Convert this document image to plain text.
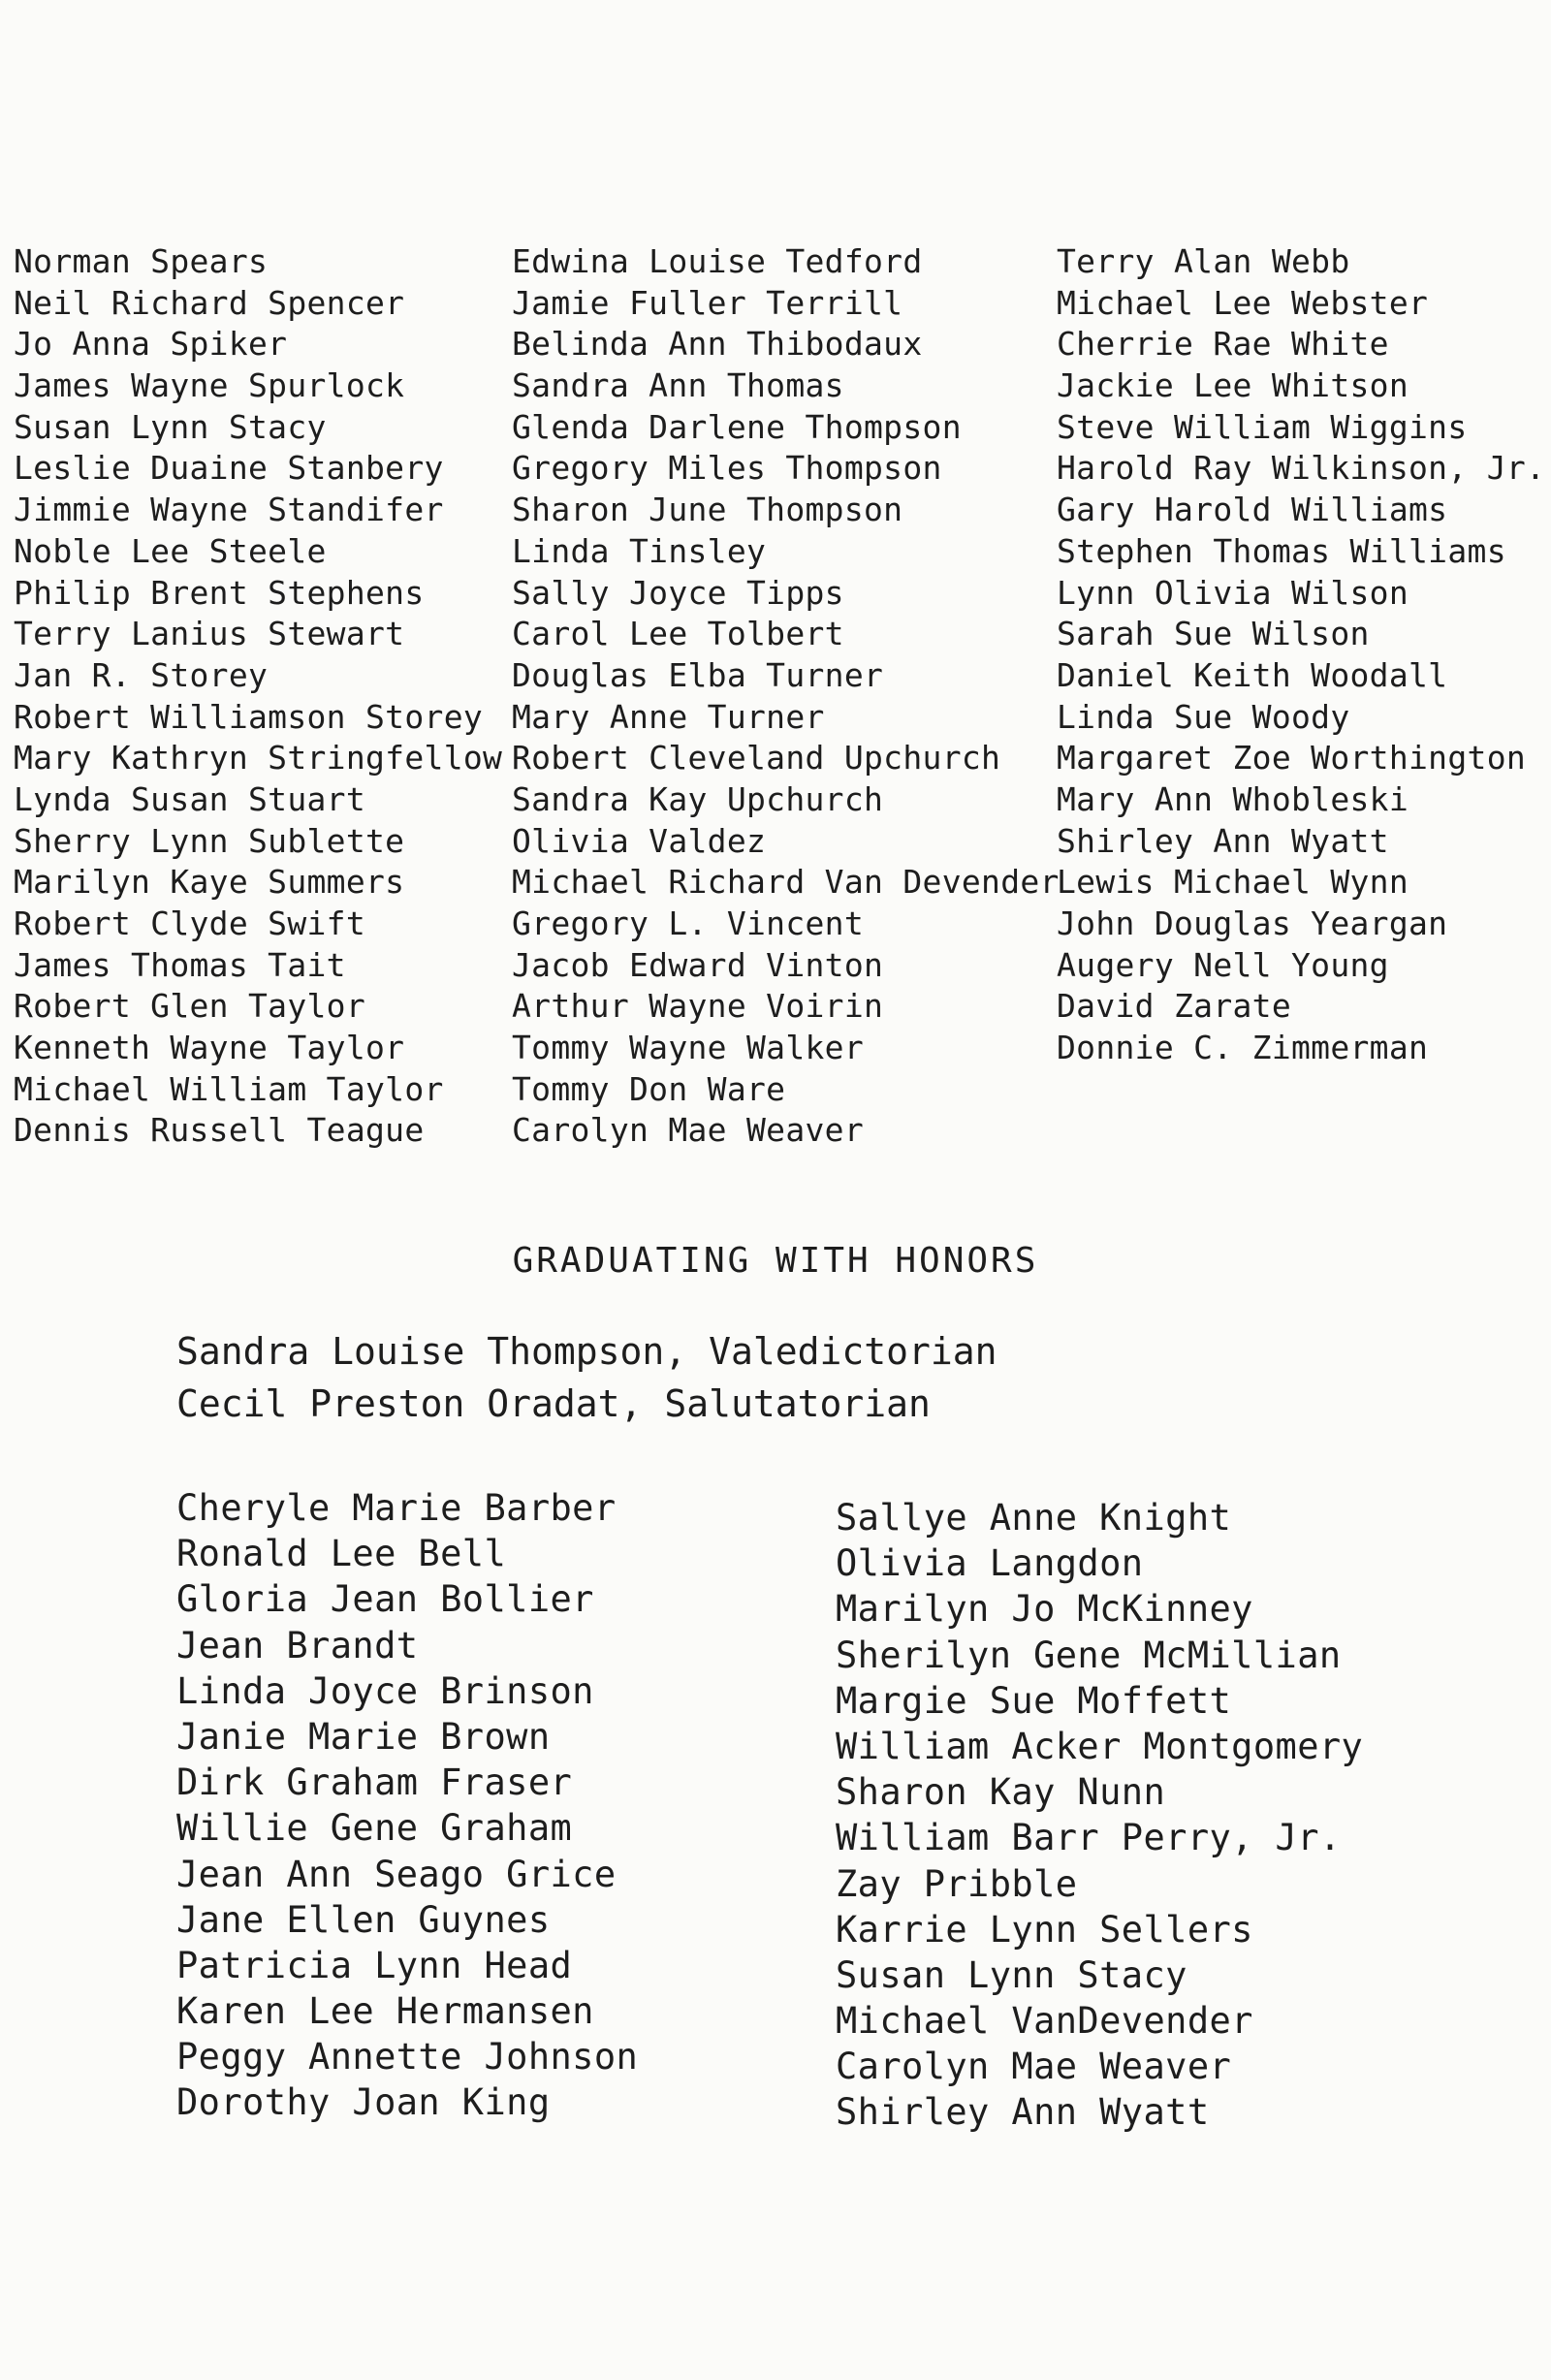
Norman Spears
Neil Richard Spencer
Jo Anna Spiker
James Wayne Spurlock
Susan Lynn Stacy
Leslie Duaine Stanbery
Jimmie Wayne Standifer
Noble Lee Steele
Philip Brent Stephens
Terry Lanius Stewart
Jan R. Storey
Robert Williamson Storey
Mary Kathryn Stringfellow
Lynda Susan Stuart
Sherry Lynn Sublette
Marilyn Kaye Summers
Robert Clyde Swift
James Thomas Tait
Robert Glen Taylor
Kenneth Wayne Taylor
Michael William Taylor
Dennis Russell Teague
Edwina Louise Tedford
Jamie Fuller Terrill
Belinda Ann Thibodaux
Sandra Ann Thomas
Glenda Darlene Thompson
Gregory Miles Thompson
Sharon June Thompson
Linda Tinsley
Sally Joyce Tipps
Carol Lee Tolbert
Douglas Elba Turner
Mary Anne Turner
Robert Cleveland Upchurch
Sandra Kay Upchurch
Olivia Valdez
Michael Richard Van Devender
Gregory L. Vincent
Jacob Edward Vinton
Arthur Wayne Voirin
Tommy Wayne Walker
Tommy Don Ware
Carolyn Mae Weaver
Terry Alan Webb
Michael Lee Webster
Cherrie Rae White
Jackie Lee Whitson
Steve William Wiggins
Harold Ray Wilkinson, Jr.
Gary Harold Williams
Stephen Thomas Williams
Lynn Olivia Wilson
Sarah Sue Wilson
Daniel Keith Woodall
Linda Sue Woody
Margaret Zoe Worthington
Mary Ann Whobleski
Shirley Ann Wyatt
Lewis Michael Wynn
John Douglas Yeargan
Augery Nell Young
David Zarate
Donnie C. Zimmerman
GRADUATING WITH HONORS
Sandra Louise Thompson, Valedictorian
Cecil Preston Oradat, Salutatorian
Cheryle Marie Barber
Ronald Lee Bell
Gloria Jean Bollier
Jean Brandt
Linda Joyce Brinson
Janie Marie Brown
Dirk Graham Fraser
Willie Gene Graham
Jean Ann Seago Grice
Jane Ellen Guynes
Patricia Lynn Head
Karen Lee Hermansen
Peggy Annette Johnson
Dorothy Joan King
Sallye Anne Knight
Olivia Langdon
Marilyn Jo McKinney
Sherilyn Gene McMillian
Margie Sue Moffett
William Acker Montgomery
Sharon Kay Nunn
William Barr Perry, Jr.
Zay Pribble
Karrie Lynn Sellers
Susan Lynn Stacy
Michael VanDevender
Carolyn Mae Weaver
Shirley Ann Wyatt
